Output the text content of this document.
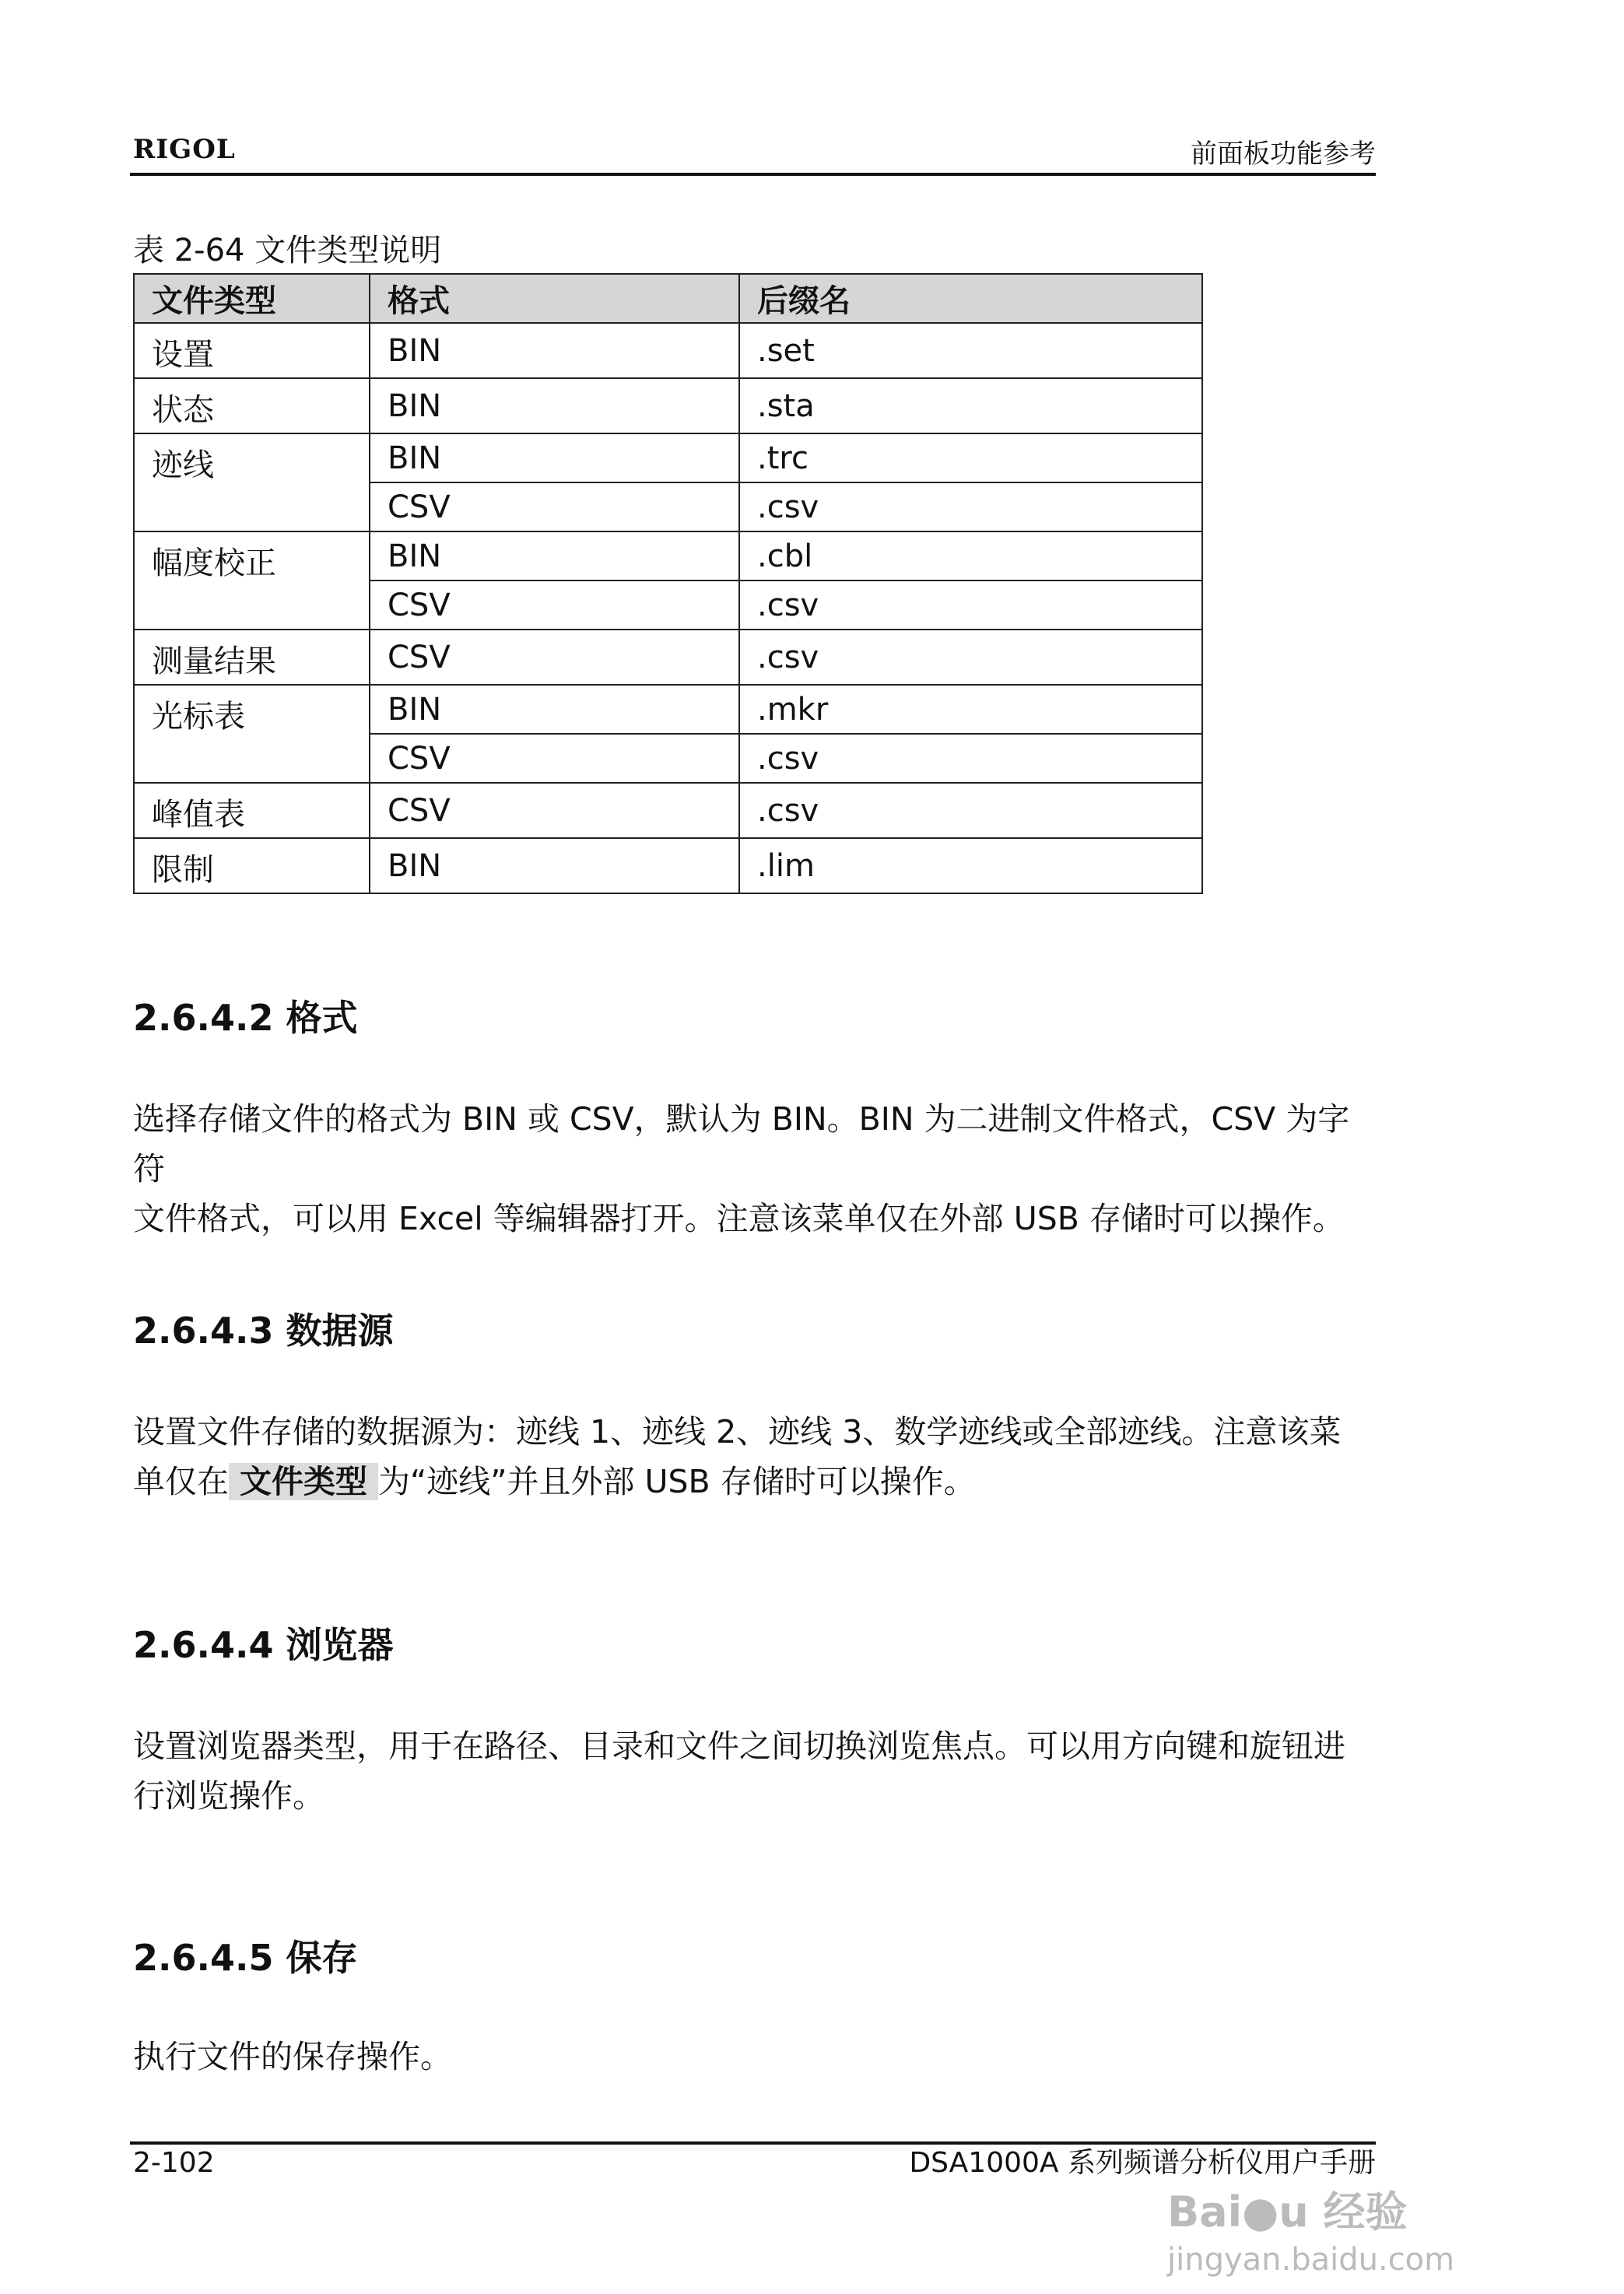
RIGOL	前面板功能参考
表 2-64 文件类型说明
文件类型	格式	后缀名
设置	BIN	.set
状态	BIN	.sta
迹线	BIN	.trc
	CSV	.csv
幅度校正	BIN	.cbl
	CSV	.csv
测量结果	CSV	.csv
光标表	BIN	.mkr
	CSV	.csv
峰值表	CSV	.csv
限制	BIN	.lim
2.6.4.2 格式
选择存储文件的格式为 BIN 或 CSV，默认为 BIN。BIN 为二进制文件格式，CSV 为字符
文件格式，可以用 Excel 等编辑器打开。注意该菜单仅在外部 USB 存储时可以操作。
2.6.4.3 数据源
设置文件存储的数据源为：迹线 1、迹线 2、迹线 3、数学迹线或全部迹线。注意该菜
单仅在 文件类型 为“迹线”并且外部 USB 存储时可以操作。
2.6.4.4 浏览器
设置浏览器类型，用于在路径、目录和文件之间切换浏览焦点。可以用方向键和旋钮进
行浏览操作。
2.6.4.5 保存
执行文件的保存操作。
2-102	DSA1000A 系列频谱分析仪用户手册
Bai●u 经验
jingyan.baidu.com
